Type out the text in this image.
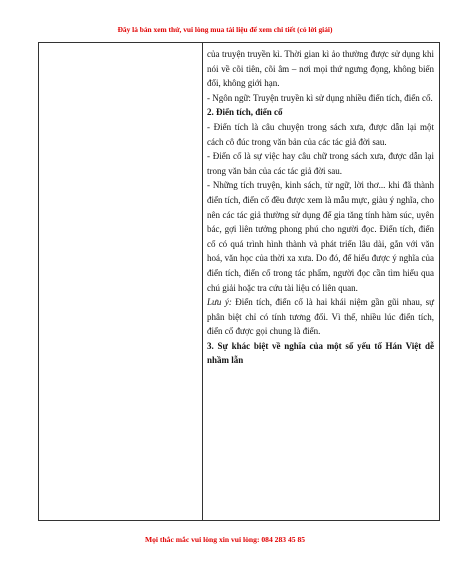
Đây là bản xem thử, vui lòng mua tài liệu để xem chi tiết (có lời giải)

của truyện truyền kì. Thời gian kì ảo thường được sử dụng khi nói về cõi tiên, cõi âm – nơi mọi thứ ngưng đọng, không biến đổi, không giới hạn.

- Ngôn ngữ: Truyện truyền kì sử dụng nhiều điển tích, điển cố.

2. Điển tích, điển cố

- Điển tích là câu chuyện trong sách xưa, được dẫn lại một cách cô đúc trong văn bản của các tác giả đời sau.

- Điển cố là sự việc hay câu chữ trong sách xưa, được dẫn lại trong văn bản của các tác giả đời sau.

- Những tích truyện, kinh sách, từ ngữ, lời thơ... khi đã thành điển tích, điển cố đều được xem là mẫu mực, giàu ý nghĩa, cho nên các tác giả thường sử dụng để gia tăng tính hàm súc, uyên bác, gợi liên tưởng phong phú cho người đọc. Điển tích, điển cố có quá trình hình thành và phát triển lâu dài, gắn với văn hoá, văn học của thời xa xưa. Do đó, để hiểu được ý nghĩa của điển tích, điển cố trong tác phẩm, người đọc cần tìm hiểu qua chú giải hoặc tra cứu tài liệu có liên quan.

Lưu ý: Điển tích, điển cố là hai khái niệm gần gũi nhau, sự phân biệt chỉ có tính tương đối. Vì thế, nhiều lúc điển tích, điển cố được gọi chung là điển.

3. Sự khác biệt về nghĩa của một số yếu tố Hán Việt dễ nhầm lẫn

Mọi thắc mắc vui lòng xin vui lòng: 084 283 45 85
